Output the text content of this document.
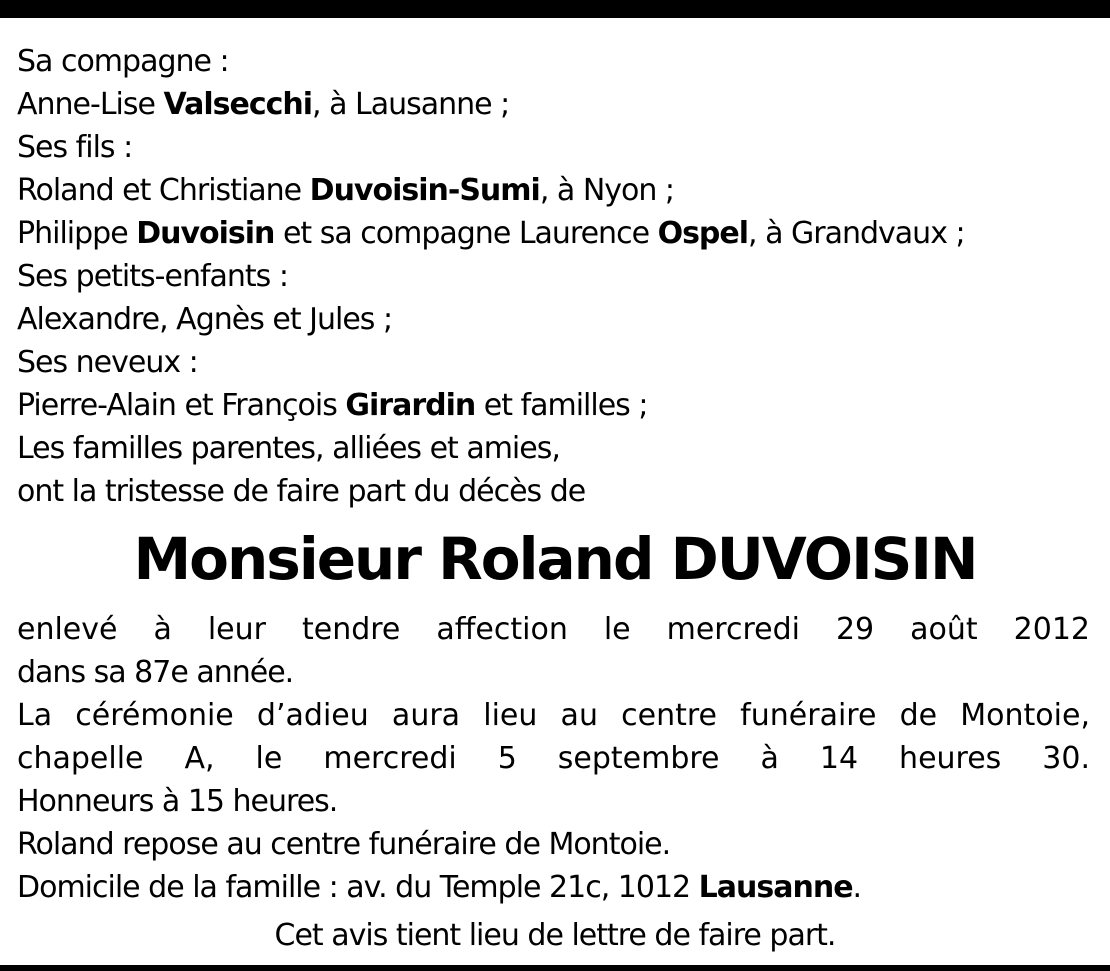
Sa compagne :
Anne-Lise Valsecchi, à Lausanne ;
Ses fils :
Roland et Christiane Duvoisin-Sumi, à Nyon ;
Philippe Duvoisin et sa compagne Laurence Ospel, à Grandvaux ;
Ses petits-enfants :
Alexandre, Agnès et Jules ;
Ses neveux :
Pierre-Alain et François Girardin et familles ;
Les familles parentes, alliées et amies,
ont la tristesse de faire part du décès de
Monsieur Roland DUVOISIN
enlevé à leur tendre affection le mercredi 29 août 2012
dans sa 87e année.
La cérémonie d’adieu aura lieu au centre funéraire de Montoie,
chapelle A, le mercredi 5 septembre à 14 heures 30.
Honneurs à 15 heures.
Roland repose au centre funéraire de Montoie.
Domicile de la famille : av. du Temple 21c, 1012 Lausanne.
Cet avis tient lieu de lettre de faire part.
